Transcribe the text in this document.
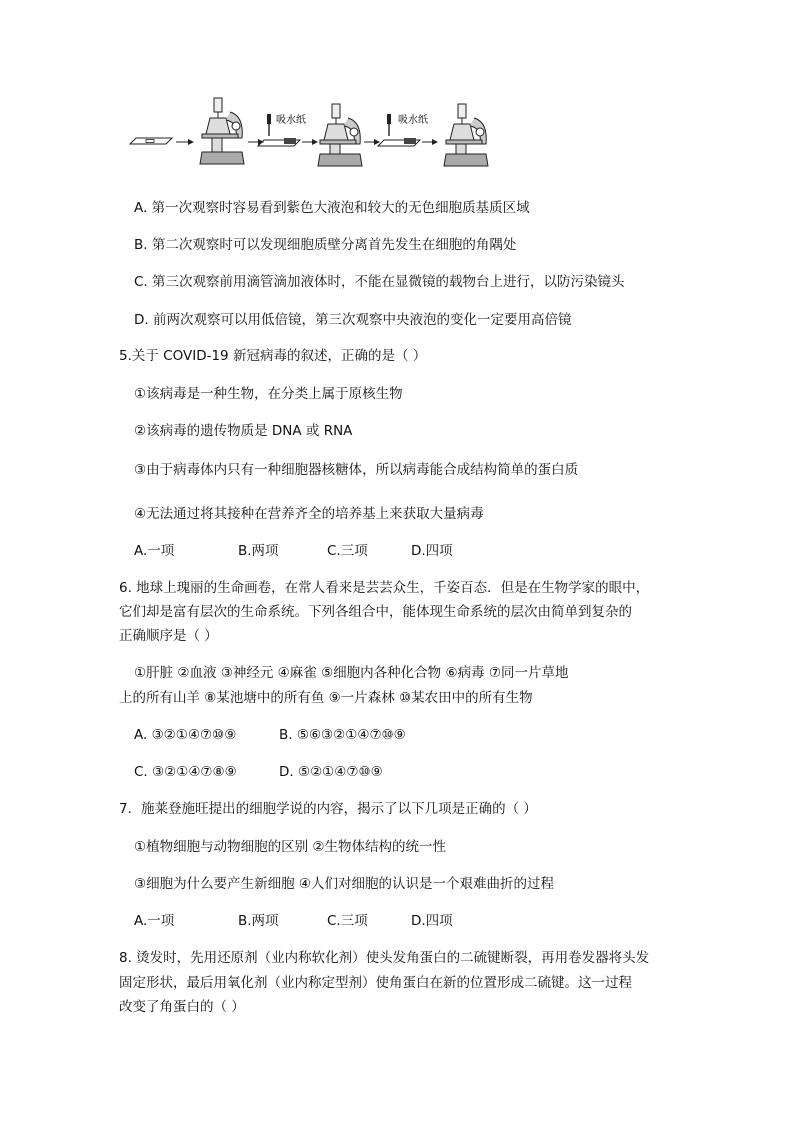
吸水纸	吸水纸
A. 第一次观察时容易看到紫色大液泡和较大的无色细胞质基质区域
B. 第二次观察时可以发现细胞质壁分离首先发生在细胞的角隅处
C. 第三次观察前用滴管滴加液体时，不能在显微镜的载物台上进行，以防污染镜头
D. 前两次观察可以用低倍镜，第三次观察中央液泡的变化一定要用高倍镜
5.关于 COVID-19 新冠病毒的叙述，正确的是（ ）
①该病毒是一种生物，在分类上属于原核生物
②该病毒的遗传物质是 DNA 或 RNA
③由于病毒体内只有一种细胞器核糖体，所以病毒能合成结构简单的蛋白质
④无法通过将其接种在营养齐全的培养基上来获取大量病毒
A.一项	B.两项	C.三项	D.四项
6. 地球上瑰丽的生命画卷，在常人看来是芸芸众生，千姿百态．但是在生物学家的眼中，
它们却是富有层次的生命系统。下列各组合中，能体现生命系统的层次由简单到复杂的
正确顺序是（ ）
①肝脏 ②血液 ③神经元 ④麻雀 ⑤细胞内各种化合物 ⑥病毒 ⑦同一片草地
上的所有山羊 ⑧某池塘中的所有鱼 ⑨一片森林 ⑩某农田中的所有生物
A. ③②①④⑦⑩⑨	B. ⑤⑥③②①④⑦⑩⑨
C. ③②①④⑦⑧⑨	D. ⑤②①④⑦⑩⑨
7．施莱登施旺提出的细胞学说的内容，揭示了以下几项是正确的（ ）
①植物细胞与动物细胞的区别 ②生物体结构的统一性
③细胞为什么要产生新细胞 ④人们对细胞的认识是一个艰难曲折的过程
A.一项	B.两项	C.三项	D.四项
8. 烫发时，先用还原剂（业内称软化剂）使头发角蛋白的二硫键断裂，再用卷发器将头发
固定形状，最后用氧化剂（业内称定型剂）使角蛋白在新的位置形成二硫键。这一过程
改变了角蛋白的（ ）
